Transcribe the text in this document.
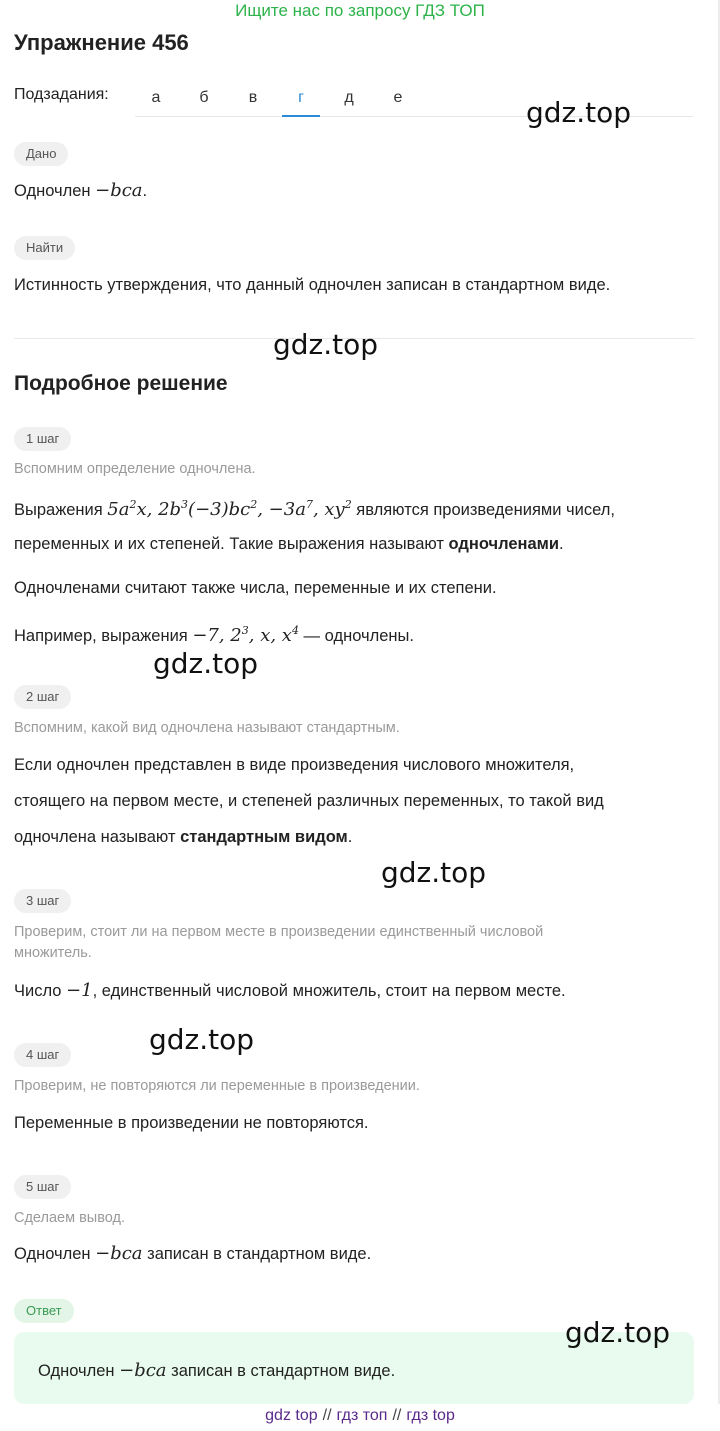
Ищите нас по запросу ГДЗ ТОП
Упражнение 456
Подзадания:	а	б	в	г	д	е	gdz.top
Дано
Одночлен −bca.
Найти
Истинность утверждения, что данный одночлен записан в стандартном виде.
gdz.top
Подробное решение
1 шаг
Вспомним определение одночлена.
Выражения $5a^2x$, $2b^3(-3)bc^2$, $-3a^7$, $xy^2$ являются произведениями чисел,
переменных и их степеней. Такие выражения называют одночленами.
Одночленами считают также числа, переменные и их степени.
Например, выражения −7, $2^3$, x, $x^4$ — одночлены.
gdz.top
2 шаг
Вспомним, какой вид одночлена называют стандартным.
Если одночлен представлен в виде произведения числового множителя,
стоящего на первом месте, и степеней различных переменных, то такой вид
одночлена называют стандартным видом.
gdz.top
3 шаг
Проверим, стоит ли на первом месте в произведении единственный числовой
множитель.
Число −1, единственный числовой множитель, стоит на первом месте.
gdz.top
4 шаг
Проверим, не повторяются ли переменные в произведении.
Переменные в произведении не повторяются.
5 шаг
Сделаем вывод.
Одночлен −bca записан в стандартном виде.
Ответ
Одночлен −bca записан в стандартном виде.
gdz.top
gdz top // гдз топ // гдз top
